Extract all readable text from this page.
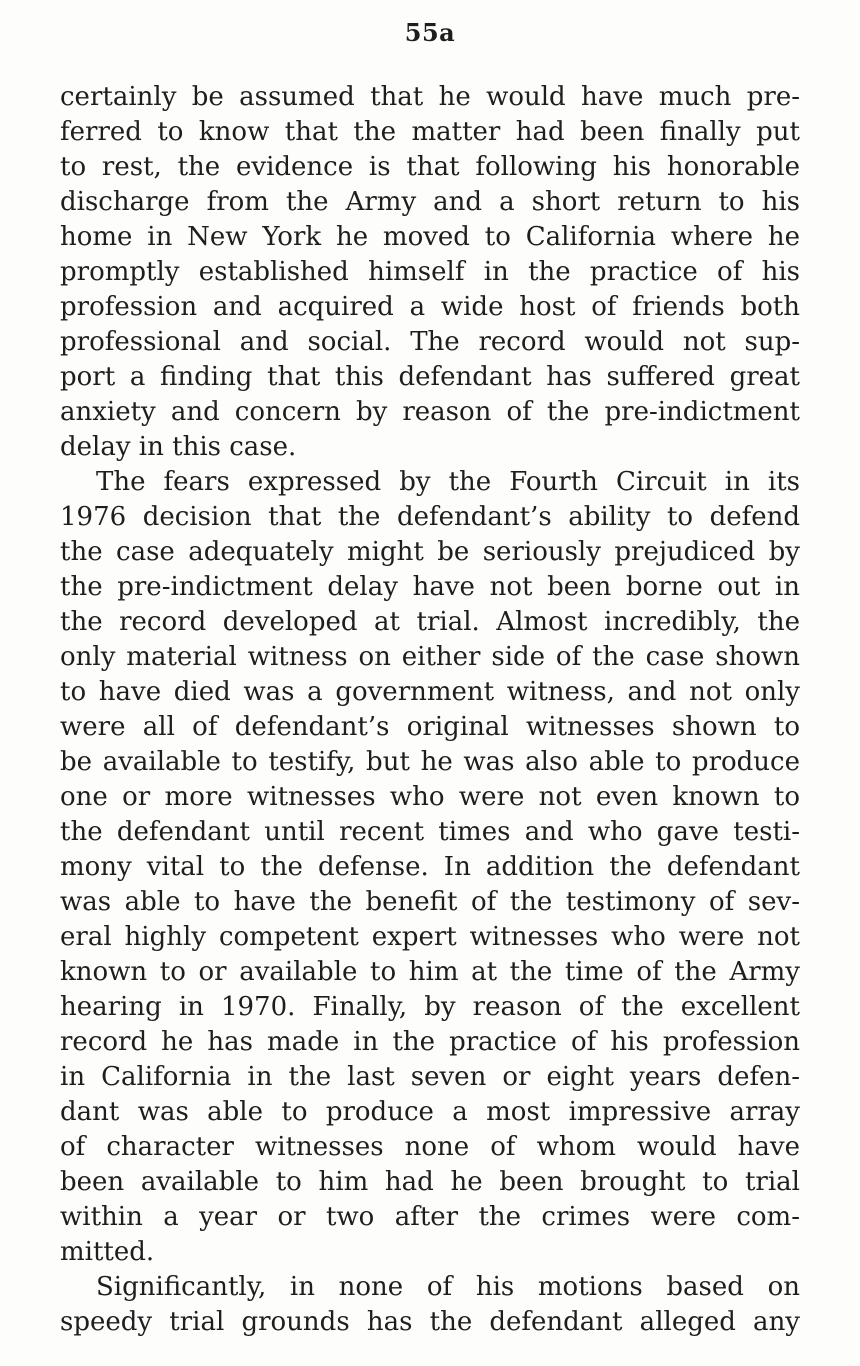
55a
certainly be assumed that he would have much pre-
ferred to know that the matter had been finally put
to rest, the evidence is that following his honorable
discharge from the Army and a short return to his
home in New York he moved to California where he
promptly established himself in the practice of his
profession and acquired a wide host of friends both
professional and social. The record would not sup-
port a finding that this defendant has suffered great
anxiety and concern by reason of the pre-indictment
delay in this case.
The fears expressed by the Fourth Circuit in its
1976 decision that the defendant’s ability to defend
the case adequately might be seriously prejudiced by
the pre-indictment delay have not been borne out in
the record developed at trial. Almost incredibly, the
only material witness on either side of the case shown
to have died was a government witness, and not only
were all of defendant’s original witnesses shown to
be available to testify, but he was also able to produce
one or more witnesses who were not even known to
the defendant until recent times and who gave testi-
mony vital to the defense. In addition the defendant
was able to have the benefit of the testimony of sev-
eral highly competent expert witnesses who were not
known to or available to him at the time of the Army
hearing in 1970. Finally, by reason of the excellent
record he has made in the practice of his profession
in California in the last seven or eight years defen-
dant was able to produce a most impressive array
of character witnesses none of whom would have
been available to him had he been brought to trial
within a year or two after the crimes were com-
mitted.
Significantly, in none of his motions based on
speedy trial grounds has the defendant alleged any
